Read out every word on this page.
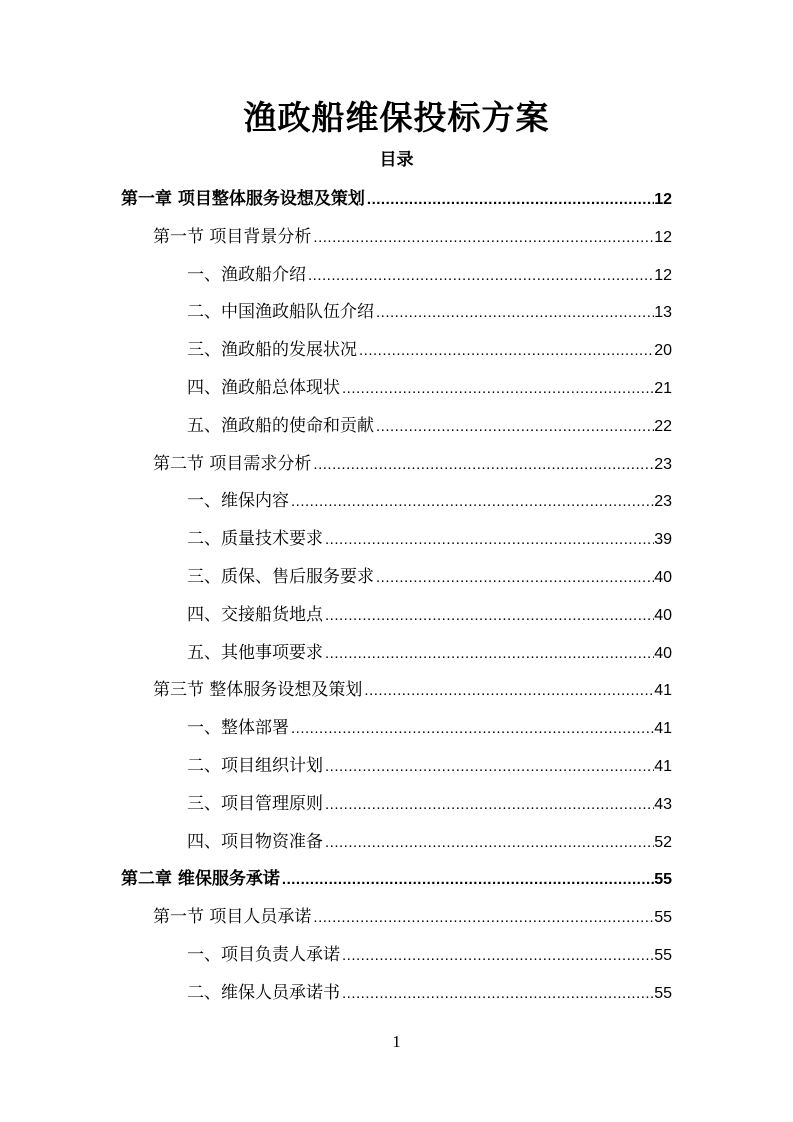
渔政船维保投标方案
目录
第一章 项目整体服务设想及策划 .....	12
第一节 项目背景分析 .....	12
一、渔政船介绍 .....	12
二、中国渔政船队伍介绍 .....	13
三、渔政船的发展状况 .....	20
四、渔政船总体现状 .....	21
五、渔政船的使命和贡献 .....	22
第二节 项目需求分析 .....	23
一、维保内容 .....	23
二、质量技术要求 .....	39
三、质保、售后服务要求 .....	40
四、交接船货地点 .....	40
五、其他事项要求 .....	40
第三节 整体服务设想及策划 .....	41
一、整体部署 .....	41
二、项目组织计划 .....	41
三、项目管理原则 .....	43
四、项目物资准备 .....	52
第二章 维保服务承诺 .....	55
第一节 项目人员承诺 .....	55
一、项目负责人承诺 .....	55
二、维保人员承诺书 .....	55
1
